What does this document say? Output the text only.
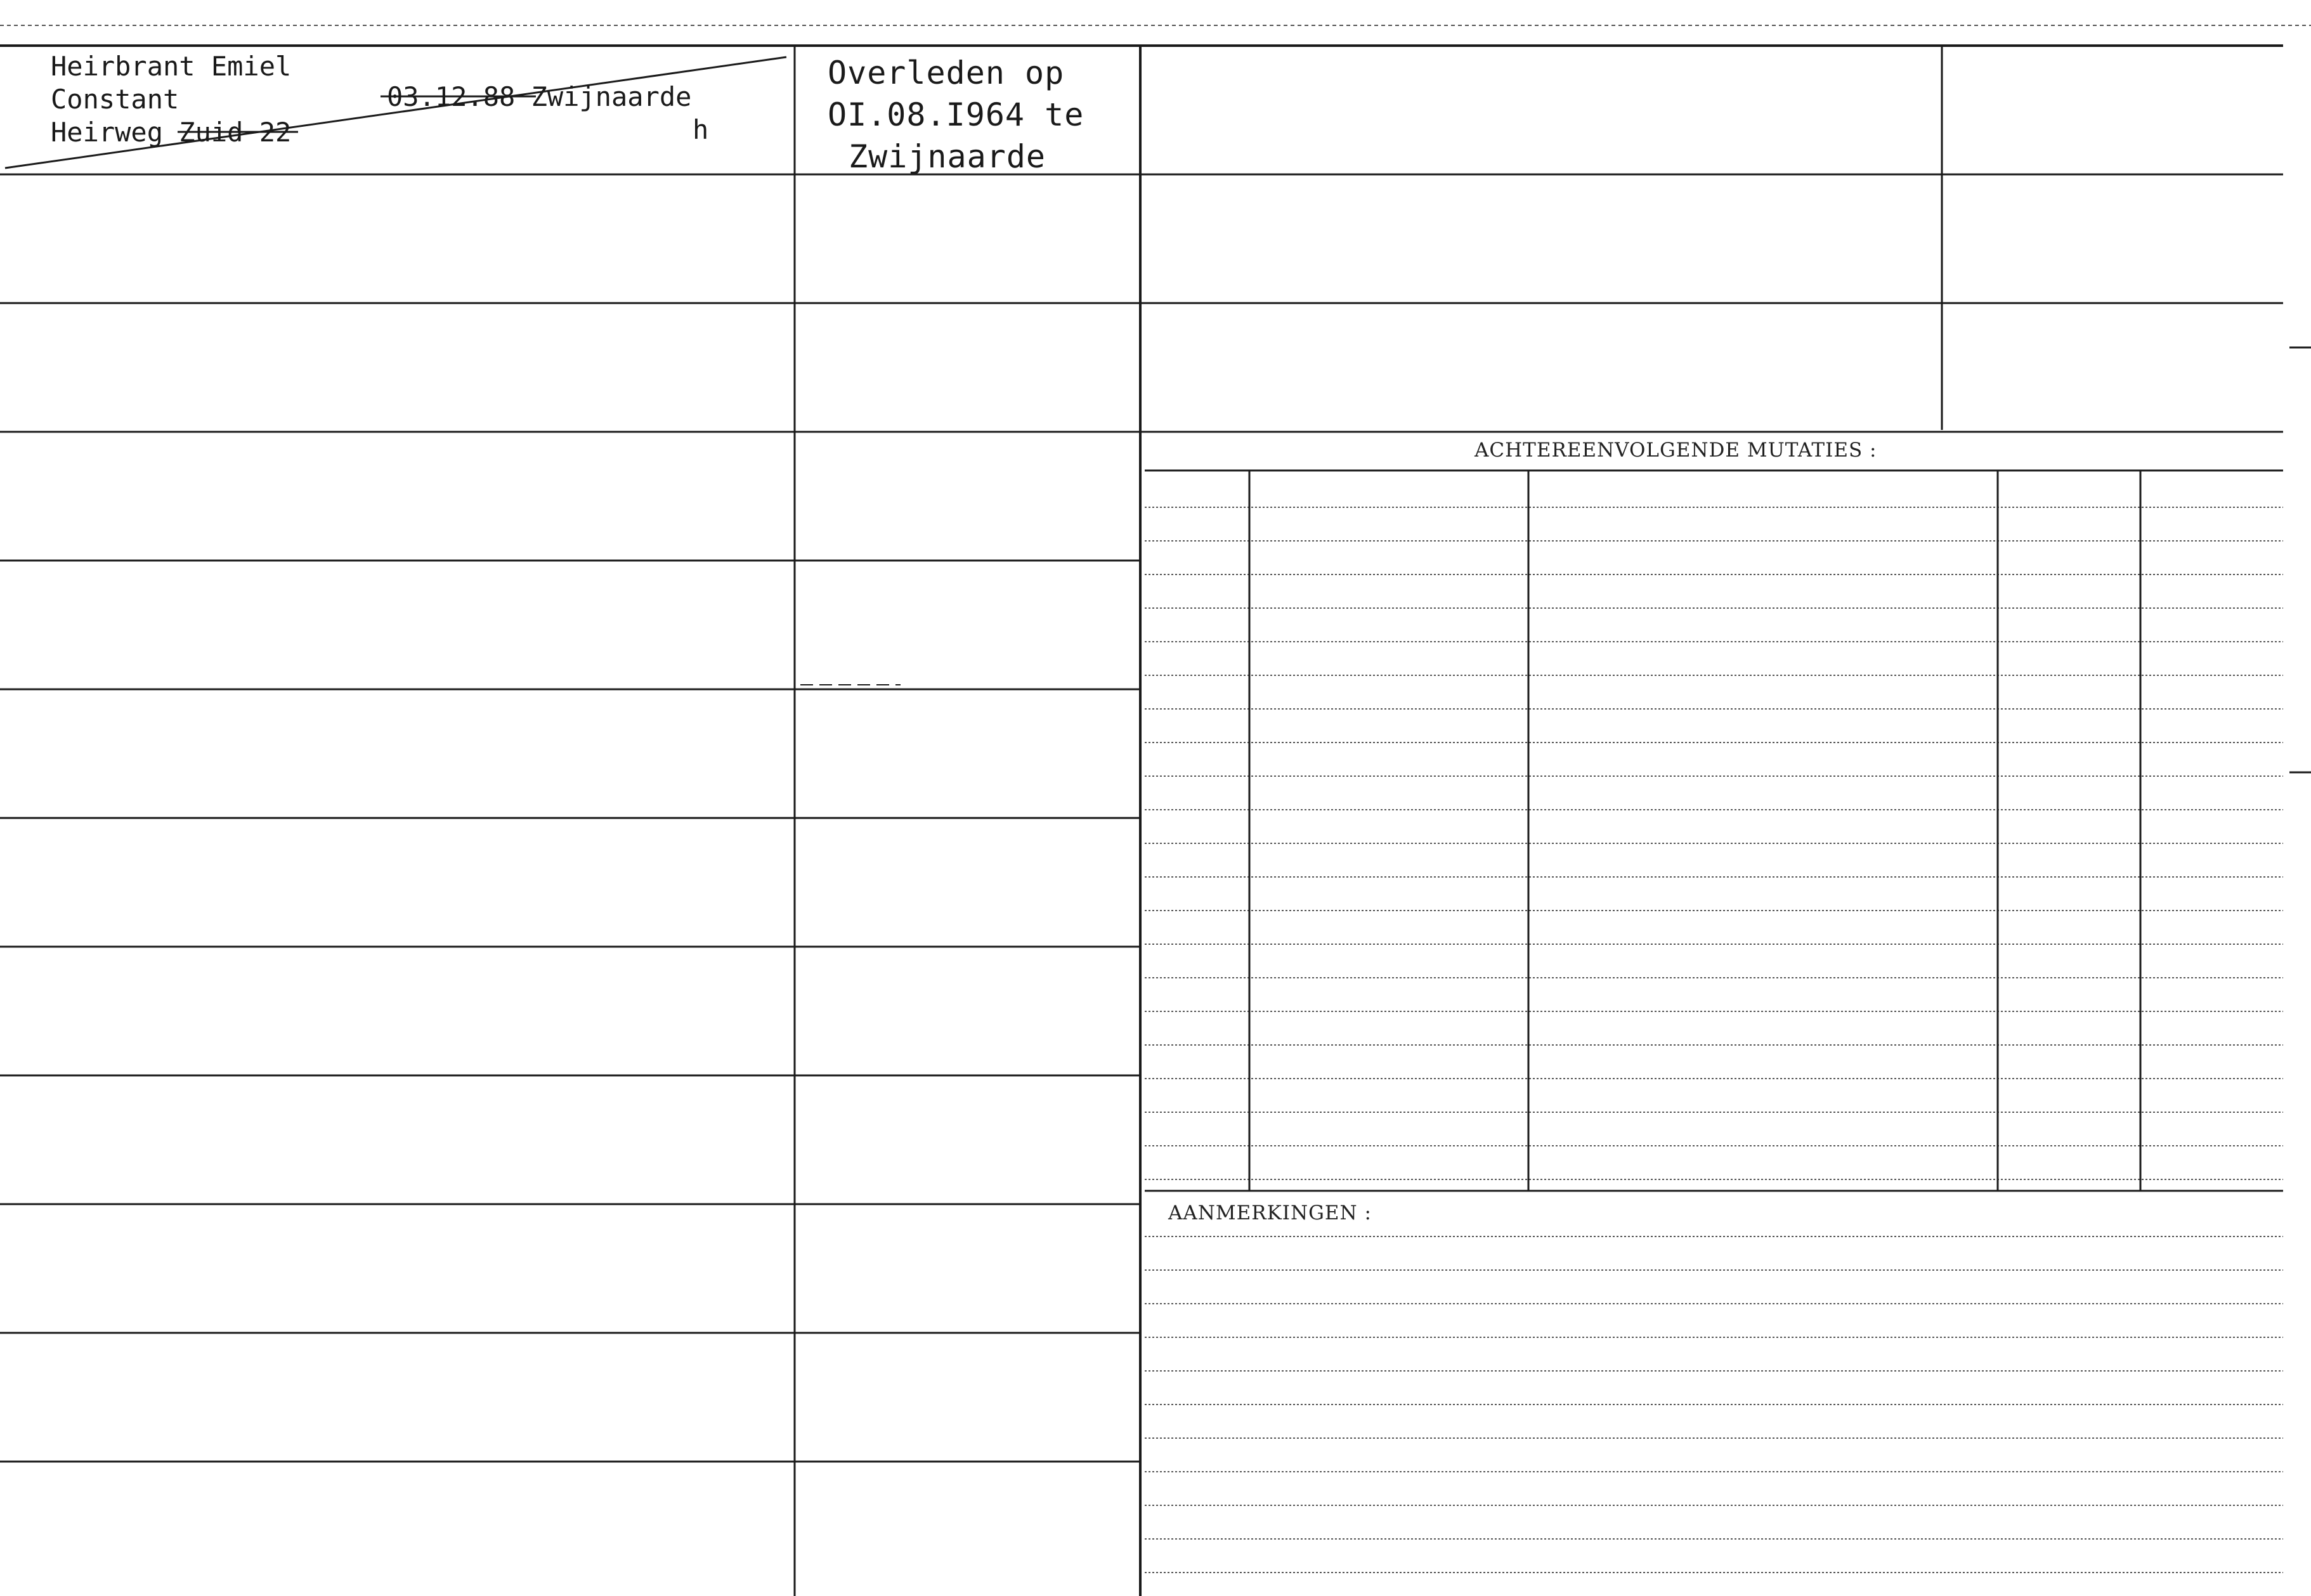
Heirbrant Emiel
Constant
Heirweg Zuid 22
03.12.88 Zwijnaarde
h
Overleden op
OI.08.I964 te
Zwijnaarde
ACHTEREENVOLGENDE MUTATIES :
AANMERKINGEN :
